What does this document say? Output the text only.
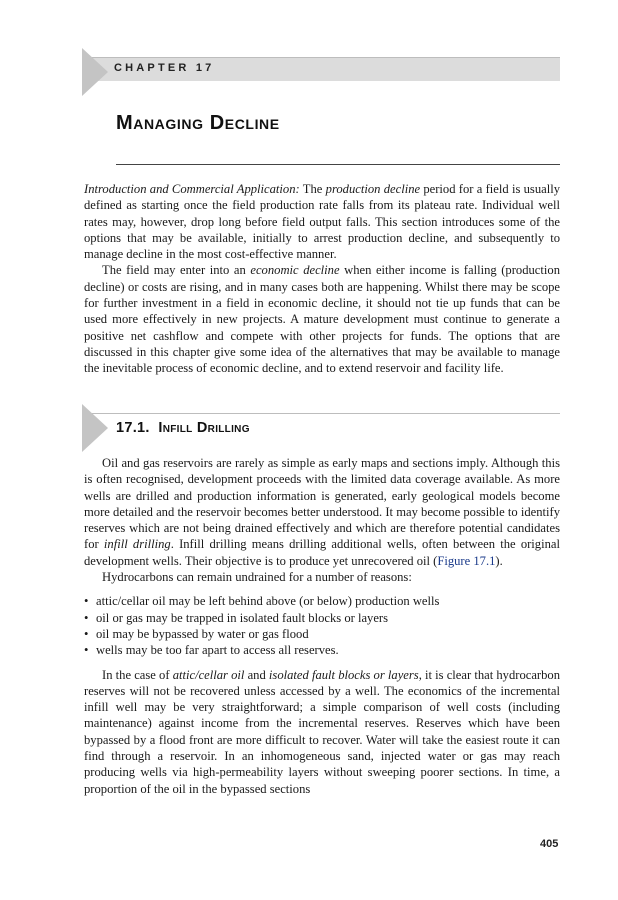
CHAPTER 17
Managing Decline

Introduction and Commercial Application: The production decline period for a field is usually defined as starting once the field production rate falls from its plateau rate. Individual well rates may, however, drop long before field output falls. This section introduces some of the options that may be available, initially to arrest production decline, and subsequently to manage decline in the most cost-effective manner.

The field may enter into an economic decline when either income is falling (production decline) or costs are rising, and in many cases both are happening. Whilst there may be scope for further investment in a field in economic decline, it should not tie up funds that can be used more effectively in new projects. A mature development must continue to generate a positive net cashflow and compete with other projects for funds. The options that are discussed in this chapter give some idea of the alternatives that may be available to manage the inevitable process of economic decline, and to extend reservoir and facility life.

17.1. Infill Drilling

Oil and gas reservoirs are rarely as simple as early maps and sections imply. Although this is often recognised, development proceeds with the limited data coverage available. As more wells are drilled and production information is generated, early geological models become more detailed and the reservoir becomes better understood. It may become possible to identify reserves which are not being drained effectively and which are therefore potential candidates for infill drilling. Infill drilling means drilling additional wells, often between the original development wells. Their objective is to produce yet unrecovered oil (Figure 17.1).

Hydrocarbons can remain undrained for a number of reasons:

• attic/cellar oil may be left behind above (or below) production wells
• oil or gas may be trapped in isolated fault blocks or layers
• oil may be bypassed by water or gas flood
• wells may be too far apart to access all reserves.

In the case of attic/cellar oil and isolated fault blocks or layers, it is clear that hydrocarbon reserves will not be recovered unless accessed by a well. The economics of the incremental infill well may be very straightforward; a simple comparison of well costs (including maintenance) against income from the incremental reserves. Reserves which have been bypassed by a flood front are more difficult to recover. Water will take the easiest route it can find through a reservoir. In an inhomogeneous sand, injected water or gas may reach producing wells via high-permeability layers without sweeping poorer sections. In time, a proportion of the oil in the bypassed sections

405
